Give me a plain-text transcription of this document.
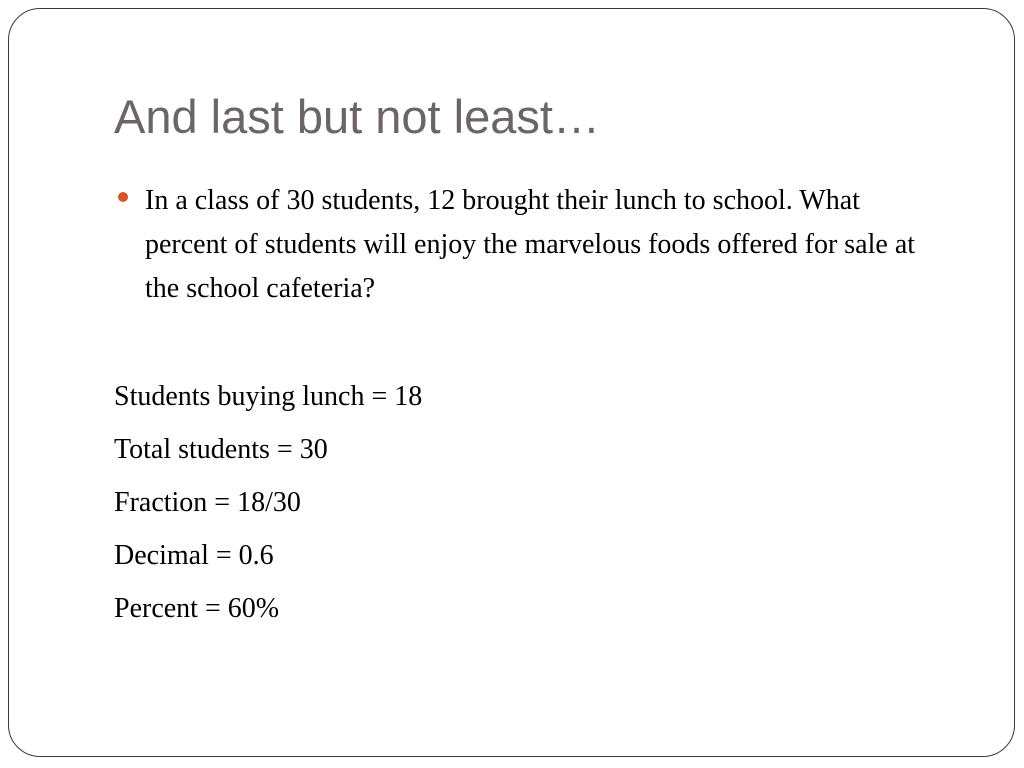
And last but not least…

In a class of 30 students, 12 brought their lunch to school. What percent of students will enjoy the marvelous foods offered for sale at the school cafeteria?

Students buying lunch = 18
Total students = 30
Fraction = 18/30
Decimal = 0.6
Percent = 60%
